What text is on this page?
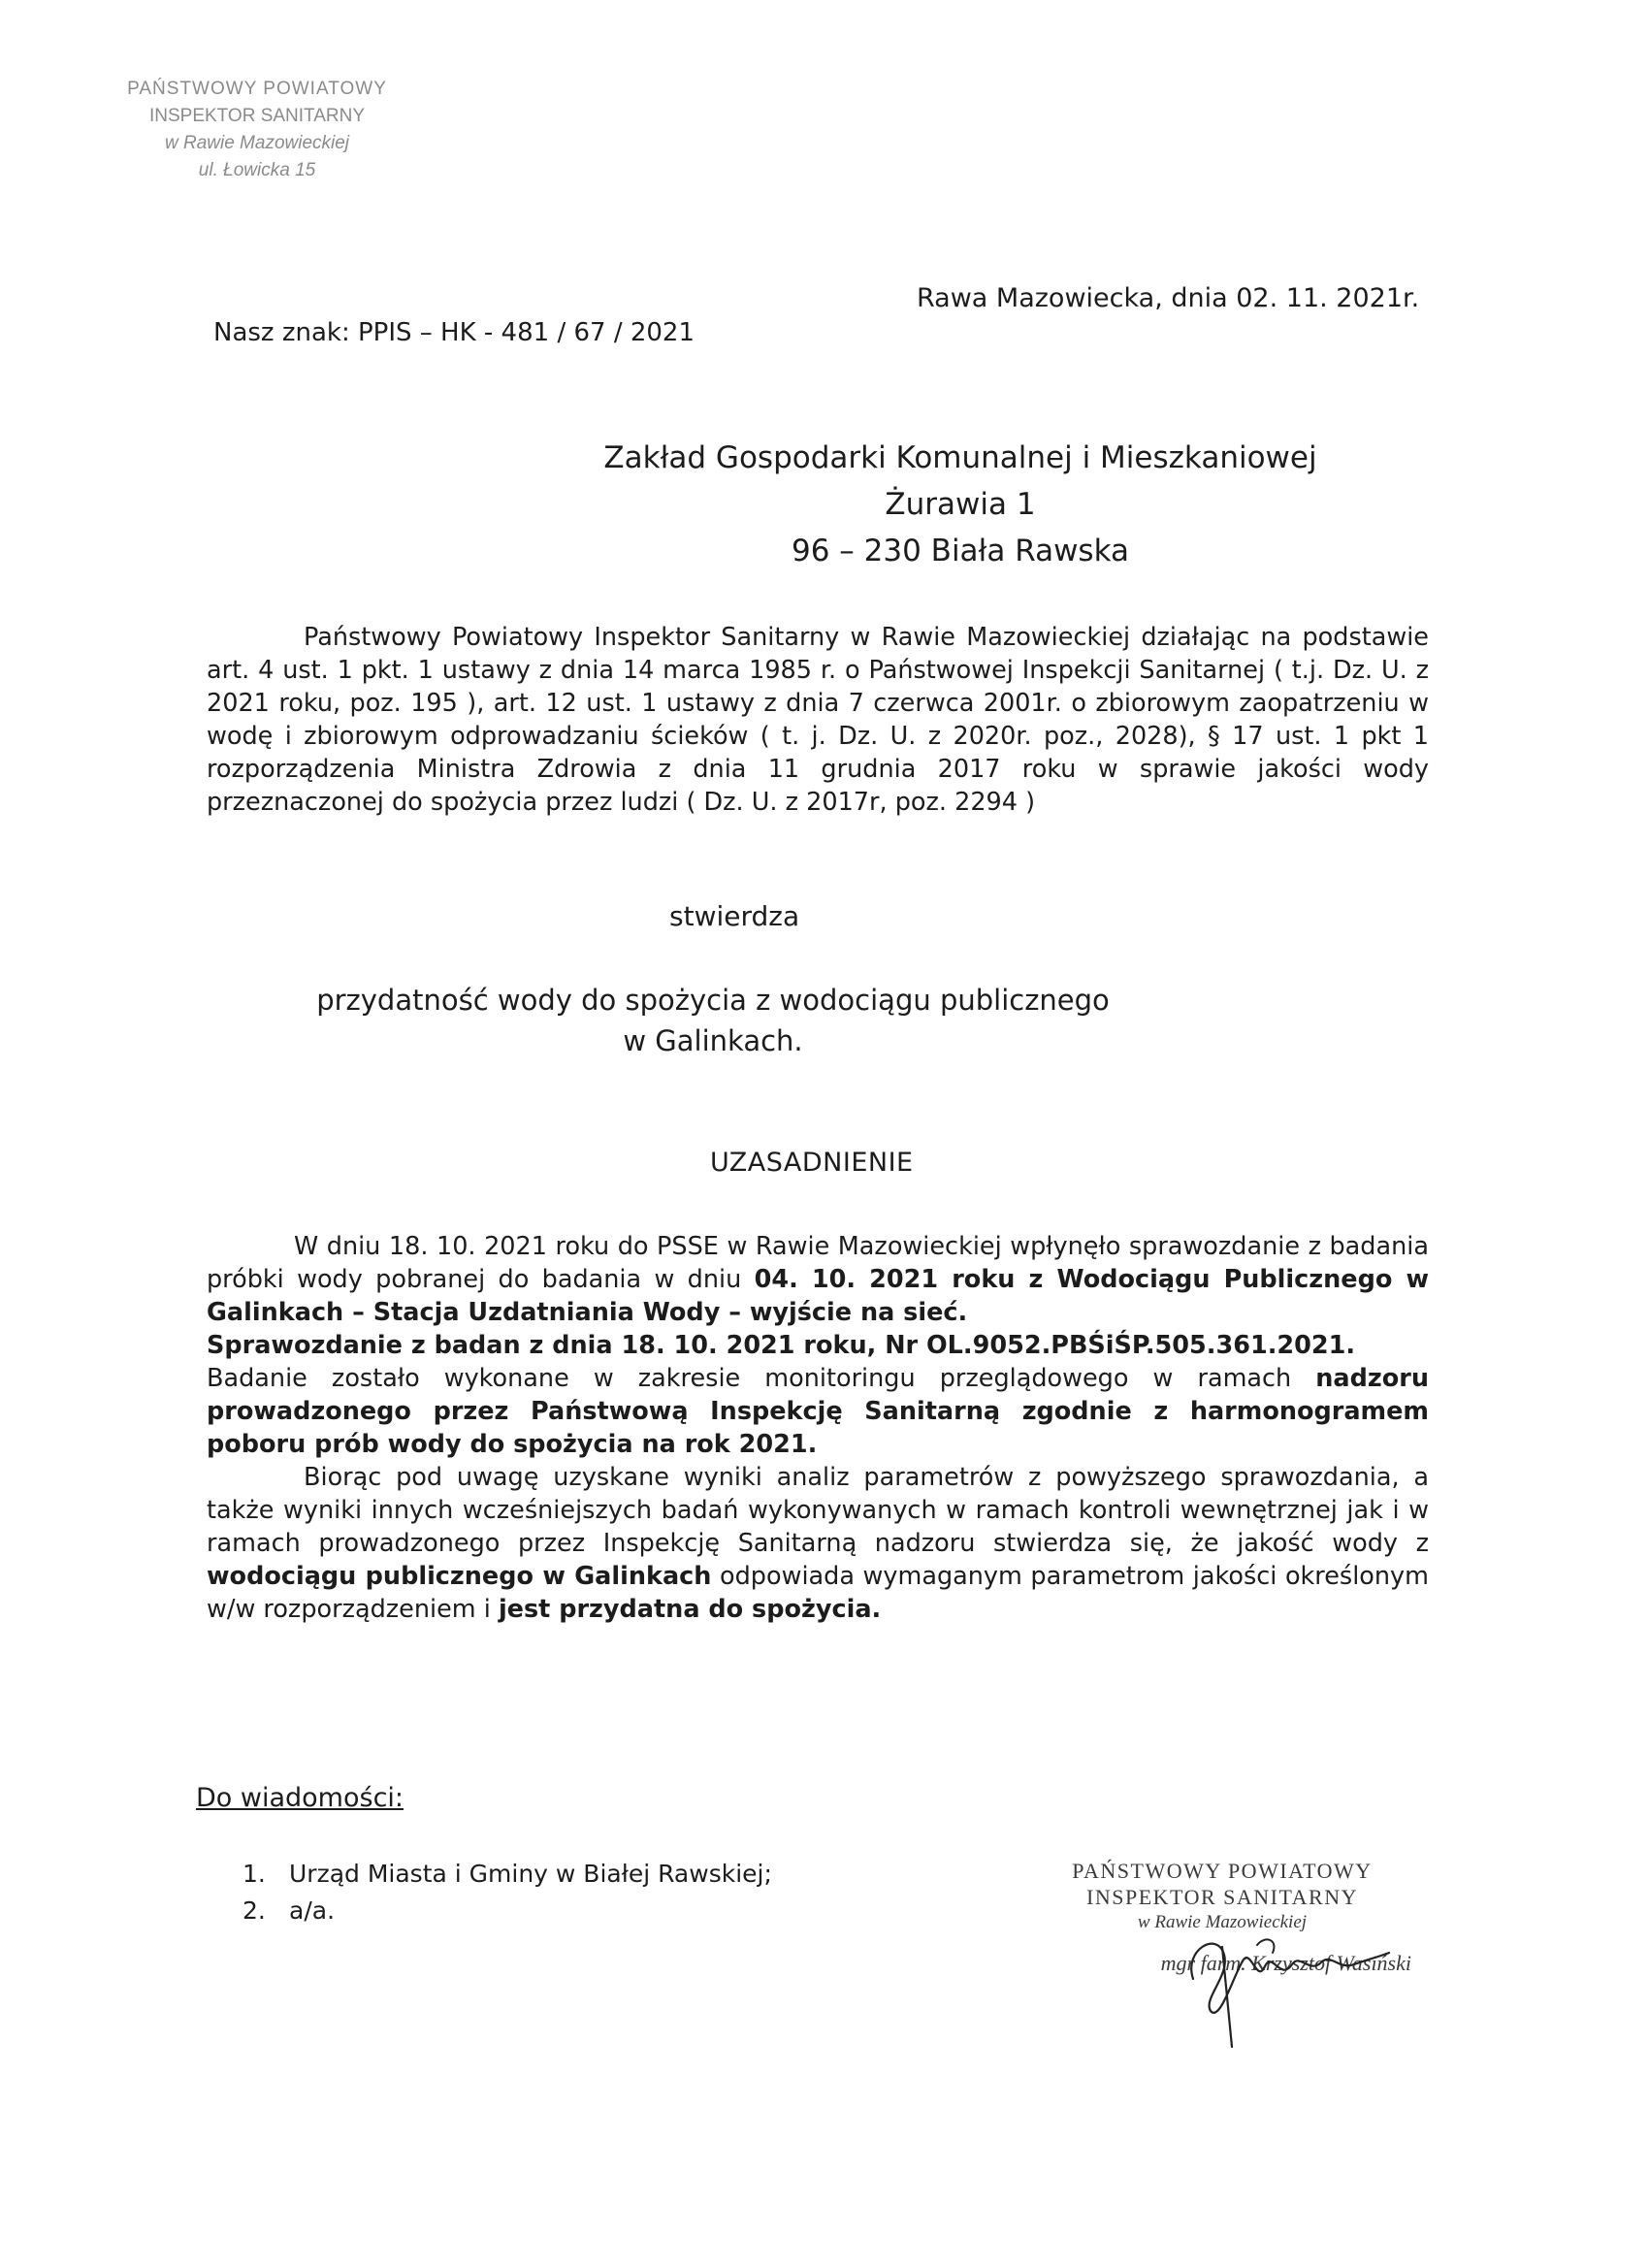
PAŃSTWOWY POWIATOWY
INSPEKTOR SANITARNY
w Rawie Mazowieckiej
ul. Łowicka 15
Rawa Mazowiecka, dnia 02. 11. 2021r.
Nasz znak: PPIS – HK - 481 / 67 / 2021
Zakład Gospodarki Komunalnej i Mieszkaniowej
Żurawia 1
96 – 230 Biała Rawska
Państwowy Powiatowy Inspektor Sanitarny w Rawie Mazowieckiej działając na podstawie art. 4 ust. 1 pkt. 1 ustawy z dnia 14 marca 1985 r. o Państwowej Inspekcji Sanitarnej ( t.j. Dz. U. z 2021 roku, poz. 195 ), art. 12 ust. 1 ustawy z dnia 7 czerwca 2001r. o zbiorowym zaopatrzeniu w wodę i zbiorowym odprowadzaniu ścieków ( t. j. Dz. U. z 2020r. poz., 2028), § 17 ust. 1 pkt 1 rozporządzenia Ministra Zdrowia z dnia 11 grudnia 2017 roku w sprawie jakości wody przeznaczonej do spożycia przez ludzi ( Dz. U. z 2017r, poz. 2294 )
stwierdza
przydatność wody do spożycia z wodociągu publicznego
w Galinkach.
UZASADNIENIE

W dniu 18. 10. 2021 roku do PSSE w Rawie Mazowieckiej wpłynęło sprawozdanie z badania próbki wody pobranej do badania w dniu 04. 10. 2021 roku z Wodociągu Publicznego w Galinkach – Stacja Uzdatniania Wody – wyjście na sieć.
Sprawozdanie z badan z dnia 18. 10. 2021 roku, Nr OL.9052.PBŚiŚP.505.361.2021.
Badanie zostało wykonane w zakresie monitoringu przeglądowego w ramach nadzoru prowadzonego przez Państwową Inspekcję Sanitarną zgodnie z harmonogramem poboru prób wody do spożycia na rok 2021.

Biorąc pod uwagę uzyskane wyniki analiz parametrów z powyższego sprawozdania, a także wyniki innych wcześniejszych badań wykonywanych w ramach kontroli wewnętrznej jak i w ramach prowadzonego przez Inspekcję Sanitarną nadzoru stwierdza się, że jakość wody z wodociągu publicznego w Galinkach odpowiada wymaganym parametrom jakości określonym w/w rozporządzeniem i jest przydatna do spożycia.

Do wiadomości:
1. Urząd Miasta i Gminy w Białej Rawskiej;
2. a/a.
PAŃSTWOWY POWIATOWY
INSPEKTOR SANITARNY
w Rawie Mazowieckiej
mgr farm. Krzysztof Wasiński
